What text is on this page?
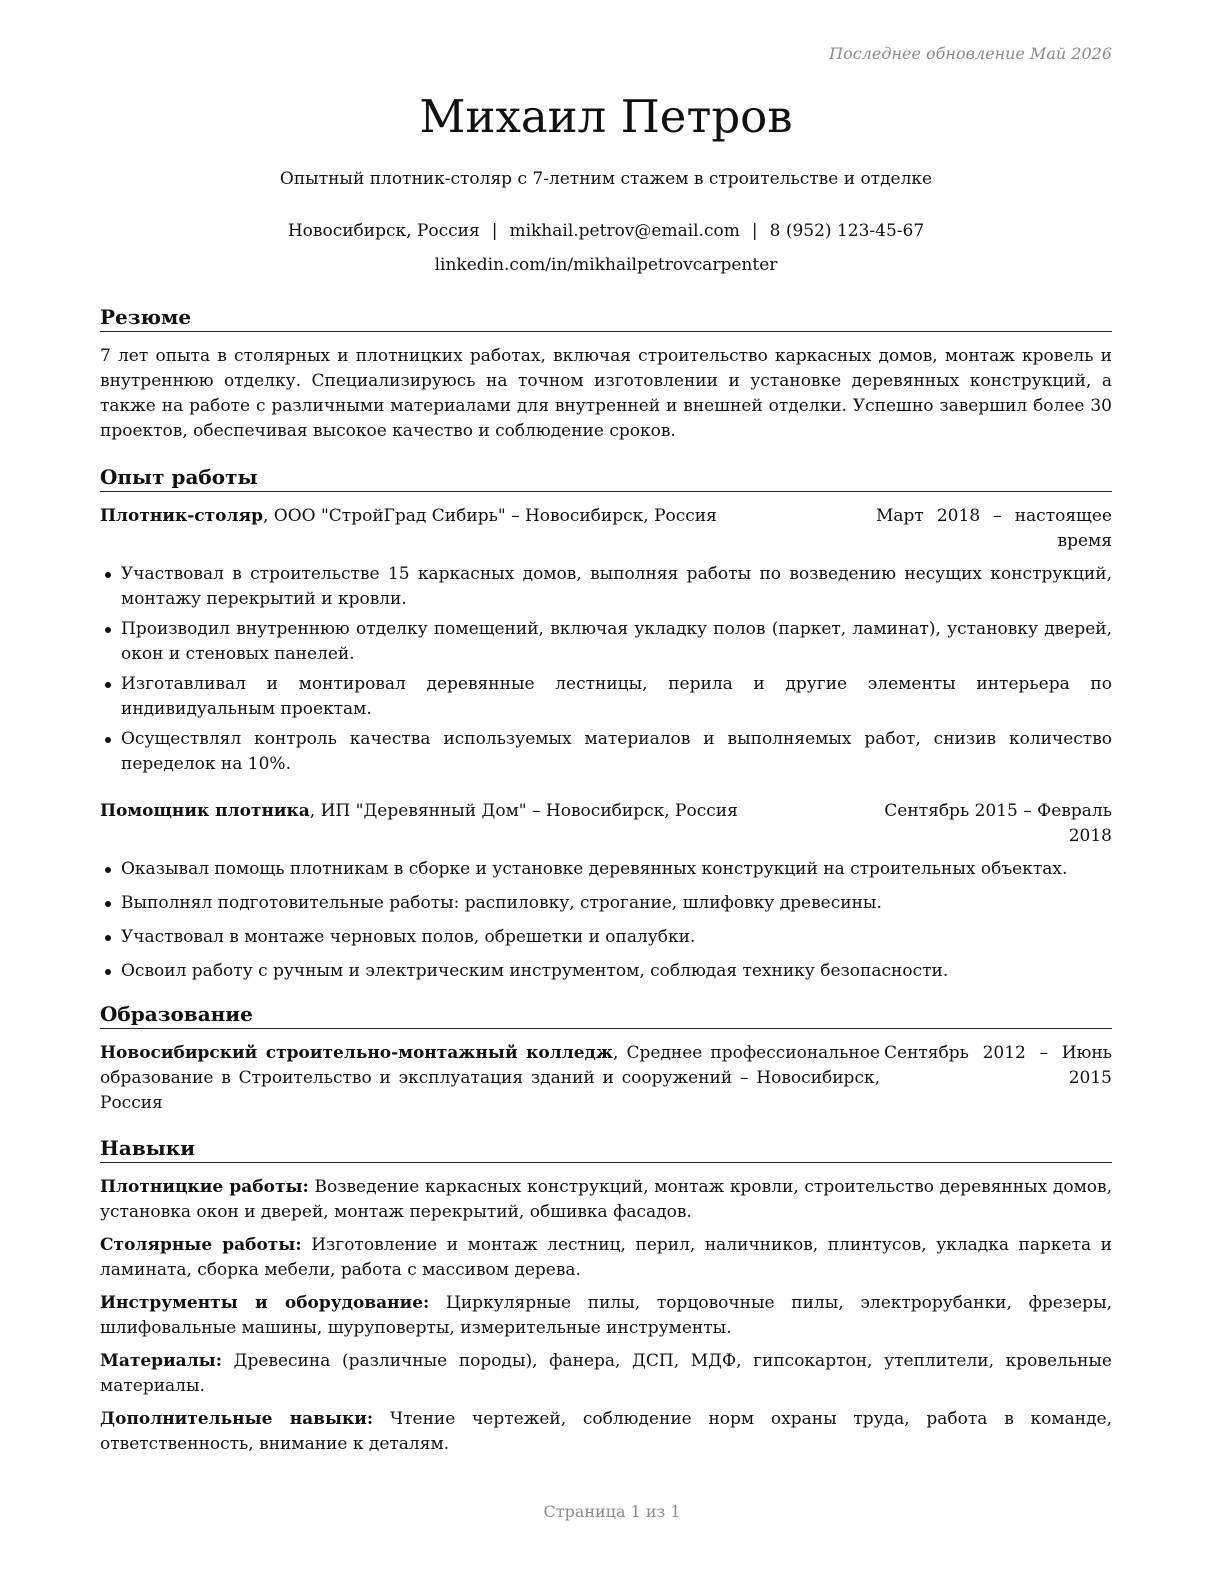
Последнее обновление Май 2026
Михаил Петров
Опытный плотник-столяр с 7-летним стажем в строительстве и отделке
Новосибирск, Россия | mikhail.petrov@email.com | 8 (952) 123-45-67
linkedin.com/in/mikhailpetrovcarpenter
Резюме

7 лет опыта в столярных и плотницких работах, включая строительство каркасных домов, монтаж кровель и внутреннюю отделку. Специализируюсь на точном изготовлении и установке деревянных конструкций, а также на работе с различными материалами для внутренней и внешней отделки. Успешно завершил более 30 проектов, обеспечивая высокое качество и соблюдение сроков.

Опыт работы
Плотник-столяр, ООО "СтройГрад Сибирь" – Новосибирск, Россия	Март 2018 – настоящее время
Участвовал в строительстве 15 каркасных домов, выполняя работы по возведению несущих конструкций, монтажу перекрытий и кровли.
Производил внутреннюю отделку помещений, включая укладку полов (паркет, ламинат), установку дверей, окон и стеновых панелей.
Изготавливал и монтировал деревянные лестницы, перила и другие элементы интерьера по индивидуальным проектам.
Осуществлял контроль качества используемых материалов и выполняемых работ, снизив количество переделок на 10%.
Помощник плотника, ИП "Деревянный Дом" – Новосибирск, Россия	Сентябрь 2015 – Февраль 2018
Оказывал помощь плотникам в сборке и установке деревянных конструкций на строительных объектах.
Выполнял подготовительные работы: распиловку, строгание, шлифовку древесины.
Участвовал в монтаже черновых полов, обрешетки и опалубки.
Освоил работу с ручным и электрическим инструментом, соблюдая технику безопасности.
Образование
Новосибирский строительно-монтажный колледж, Среднее профессиональное образование в Строительство и эксплуатация зданий и сооружений – Новосибирск, Россия
Сентябрь 2012 – Июнь 2015
Навыки

Плотницкие работы: Возведение каркасных конструкций, монтаж кровли, строительство деревянных домов, установка окон и дверей, монтаж перекрытий, обшивка фасадов.

Столярные работы: Изготовление и монтаж лестниц, перил, наличников, плинтусов, укладка паркета и ламината, сборка мебели, работа с массивом дерева.

Инструменты и оборудование: Циркулярные пилы, торцовочные пилы, электрорубанки, фрезеры, шлифовальные машины, шуруповерты, измерительные инструменты.

Материалы: Древесина (различные породы), фанера, ДСП, МДФ, гипсокартон, утеплители, кровельные материалы.

Дополнительные навыки: Чтение чертежей, соблюдение норм охраны труда, работа в команде, ответственность, внимание к деталям.

Страница 1 из 1
